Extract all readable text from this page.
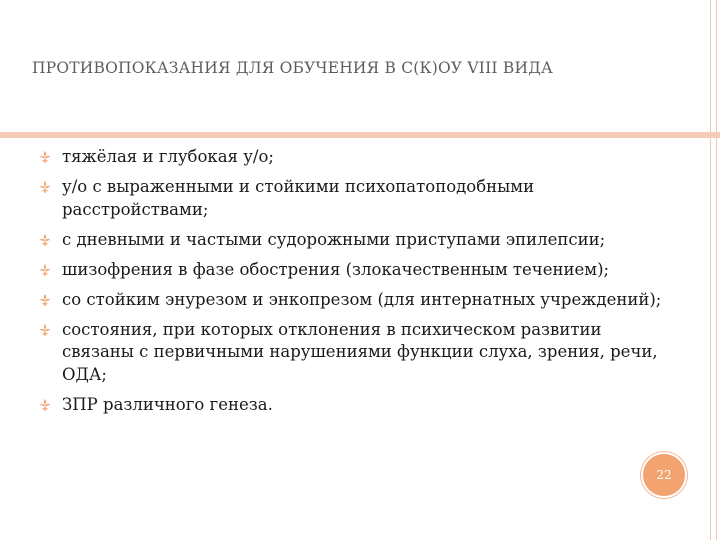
ПРОТИВОПОКАЗАНИЯ ДЛЯ ОБУЧЕНИЯ В С(К)ОУ VIII ВИДА
тяжёлая и глубокая у/о;
у/о с выраженными и стойкими психопатоподобными расстройствами;
с дневными и частыми судорожными приступами эпилепсии;
шизофрения в фазе обострения (злокачественным течением);
со стойким энурезом и энкопрезом (для интернатных учреждений);
состояния, при которых отклонения в психическом развитии связаны с первичными нарушениями функции слуха, зрения, речи, ОДА;
ЗПР различного генеза.
22
